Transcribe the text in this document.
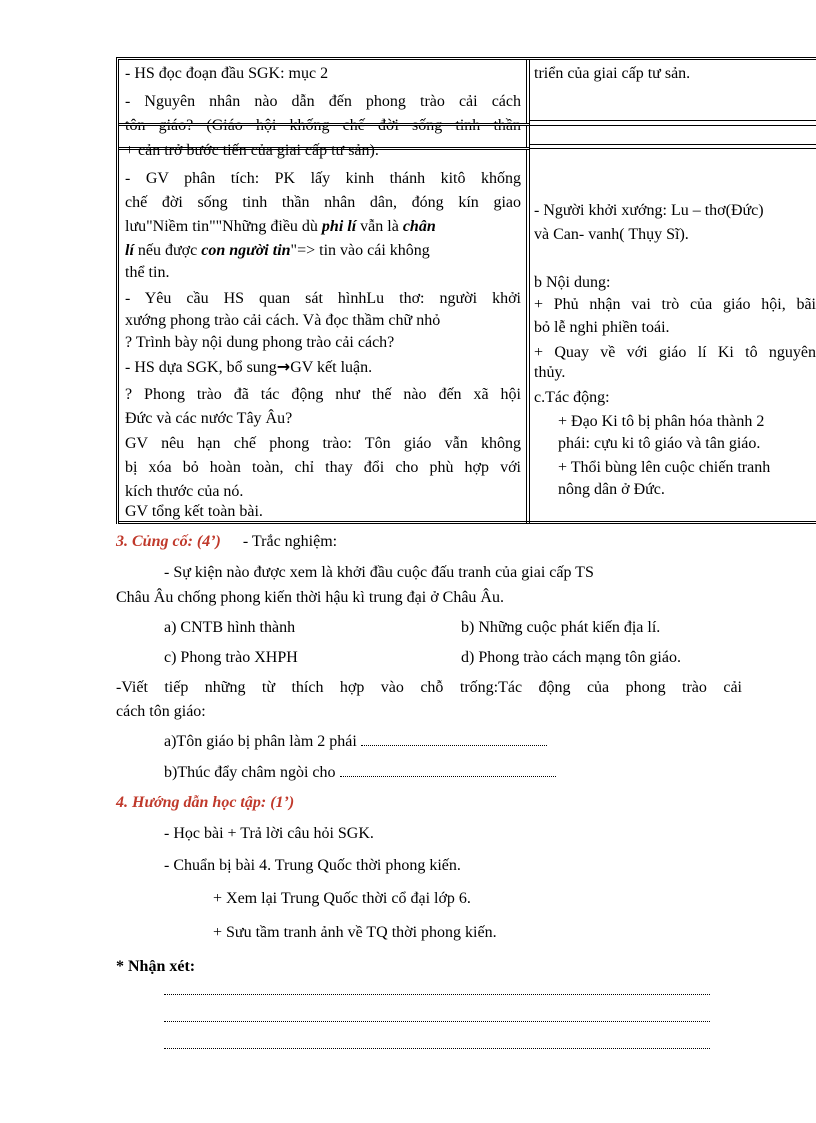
- HS đọc đoạn đầu SGK: mục 2
- Nguyên nhân nào dẫn đến phong trào cải cách
+ cản trở bước tiến của giai cấp tư sản).
- GV phân tích: PK lấy kinh thánh kitô khống
chế đời sống tinh thần nhân dân, đóng kín giao
lưu"Niềm tin""Những điều dù phi lí vẫn là chân
lí nếu được con người tin"=> tin vào cái không
thể tin.
- Yêu cầu HS quan sát hìnhLu thơ: người khởi
xướng phong trào cải cách. Và đọc thầm chữ nhỏ
? Trình bày nội dung phong trào cải cách?
- HS dựa SGK, bổ sung→GV kết luận.
? Phong trào đã tác động như thế nào đến xã hội
Đức và các nước Tây Âu?
GV nêu hạn chế phong trào: Tôn giáo vẫn không
bị xóa bỏ hoàn toàn, chỉ thay đổi cho phù hợp với
kích thước của nó.
GV tổng kết toàn bài.
triển của giai cấp tư sản.
- Người khởi xướng: Lu – thơ(Đức)
và Can- vanh( Thụy Sĩ).
b Nội dung:
+ Phủ nhận vai trò của giáo hội, bãi
bỏ lễ nghi phiền toái.
+ Quay về với giáo lí Ki tô nguyên
thủy.
c.Tác động:
+ Đạo Ki tô bị phân hóa thành 2
phái: cựu ki tô giáo và tân giáo.
+ Thổi bùng lên cuộc chiến tranh
nông dân ở Đức.
3. Củng cố: (4’) - Trắc nghiệm:
- Sự kiện nào được xem là khởi đầu cuộc đấu tranh của giai cấp TS
Châu Âu chống phong kiến thời hậu kì trung đại ở Châu Âu.
a) CNTB hình thành	b) Những cuộc phát kiến địa lí.
c) Phong trào XHPH	d) Phong trào cách mạng tôn giáo.
-Viết tiếp những từ thích hợp vào chỗ trống:Tác động của phong trào cải
cách tôn giáo:
a)Tôn giáo bị phân làm 2 phái
b)Thúc đẩy châm ngòi cho
4. Hướng dẫn học tập: (1’)
- Học bài + Trả lời câu hỏi SGK.
- Chuẩn bị bài 4. Trung Quốc thời phong kiến.
+ Xem lại Trung Quốc thời cổ đại lớp 6.
+ Sưu tầm tranh ảnh về TQ thời phong kiến.
* Nhận xét:
